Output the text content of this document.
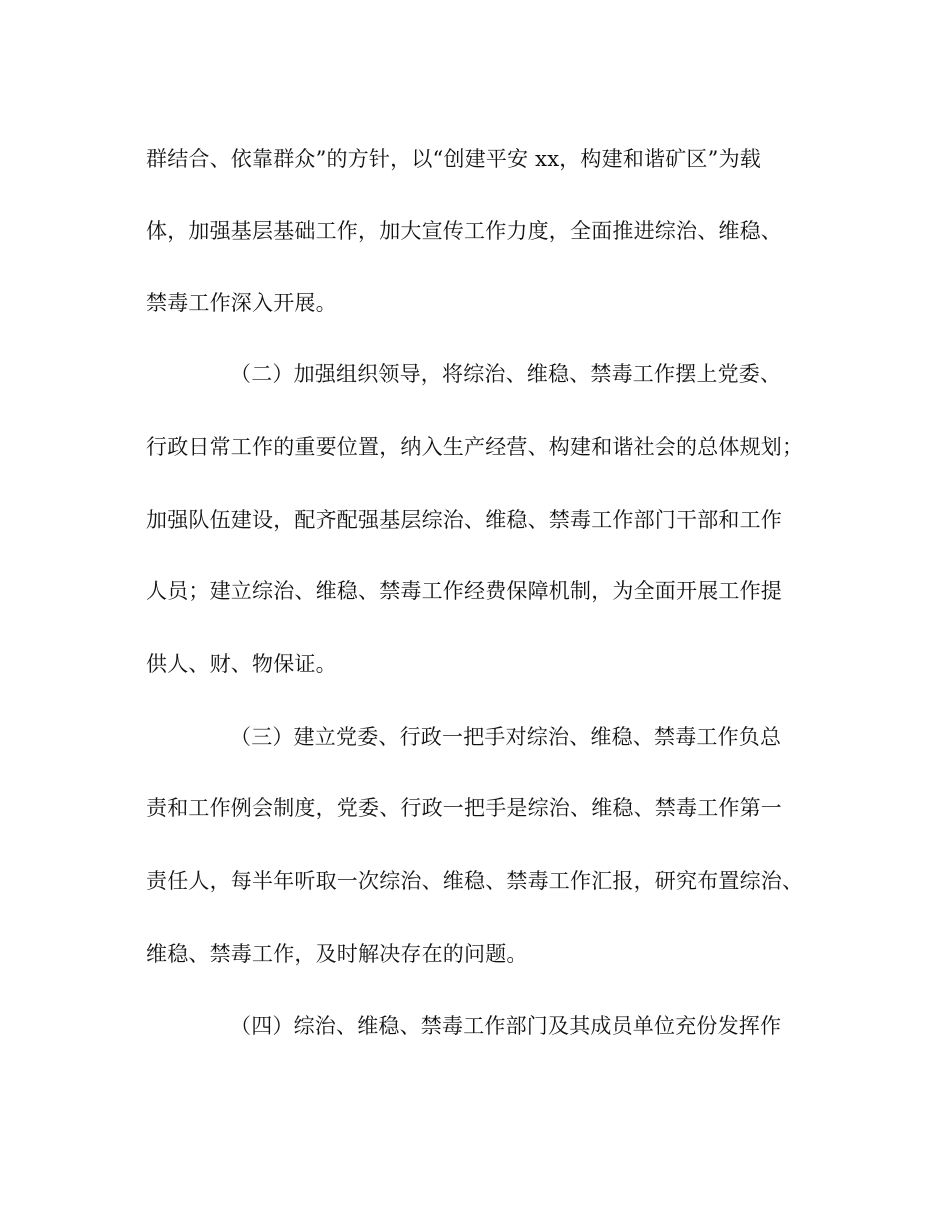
群结合、依靠群众”的方针，以“创建平安 xx，构建和谐矿区”为载
体，加强基层基础工作，加大宣传工作力度，全面推进综治、维稳、
禁毒工作深入开展。
（二）加强组织领导，将综治、维稳、禁毒工作摆上党委、
行政日常工作的重要位置，纳入生产经营、构建和谐社会的总体规划；
加强队伍建设，配齐配强基层综治、维稳、禁毒工作部门干部和工作
人员；建立综治、维稳、禁毒工作经费保障机制，为全面开展工作提
供人、财、物保证。
（三）建立党委、行政一把手对综治、维稳、禁毒工作负总
责和工作例会制度，党委、行政一把手是综治、维稳、禁毒工作第一
责任人，每半年听取一次综治、维稳、禁毒工作汇报，研究布置综治、
维稳、禁毒工作，及时解决存在的问题。
（四）综治、维稳、禁毒工作部门及其成员单位充份发挥作
